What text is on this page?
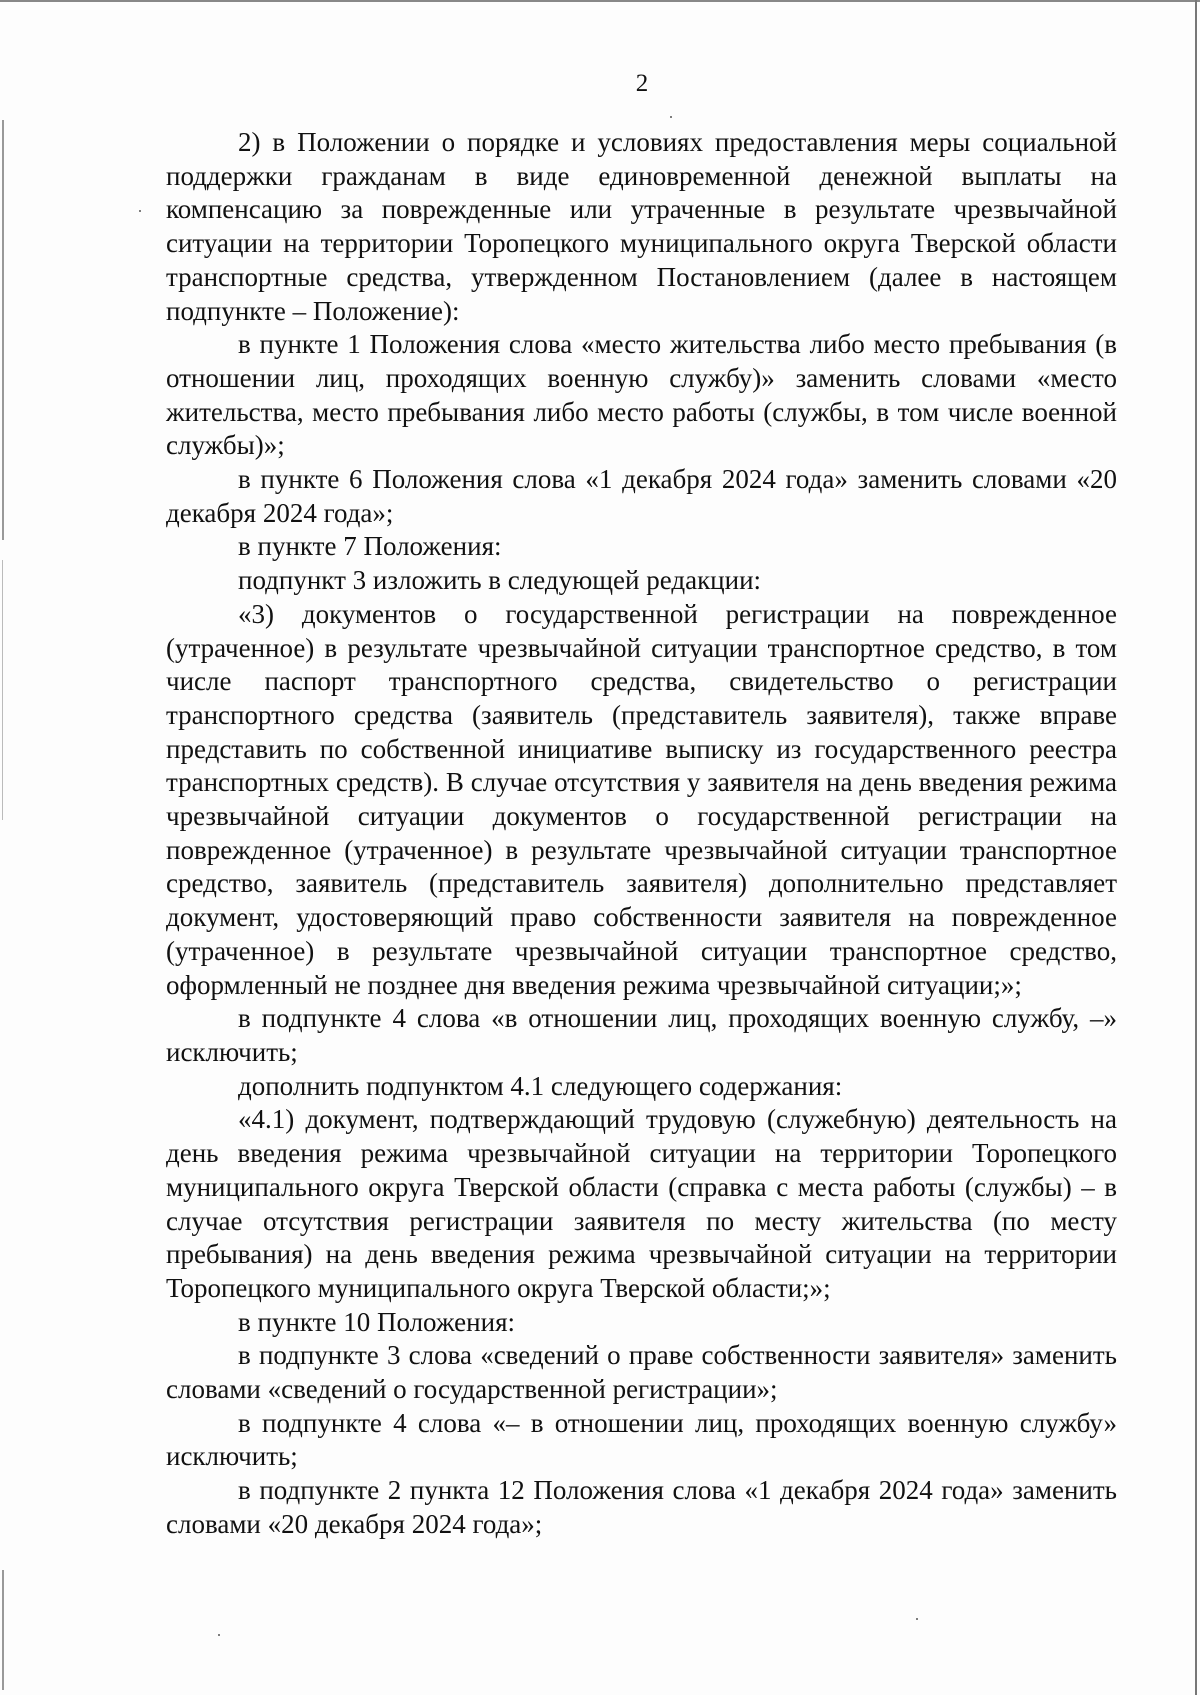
2

2) в Положении о порядке и условиях предоставления меры социальной поддержки гражданам в виде единовременной денежной выплаты на компенсацию за поврежденные или утраченные в результате чрезвычайной ситуации на территории Торопецкого муниципального округа Тверской области транспортные средства, утвержденном Постановлением (далее в настоящем подпункте – Положение):

в пункте 1 Положения слова «место жительства либо место пребывания (в отношении лиц, проходящих военную службу)» заменить словами «место жительства, место пребывания либо место работы (службы, в том числе военной службы)»;

в пункте 6 Положения слова «1 декабря 2024 года» заменить словами «20 декабря 2024 года»;

в пункте 7 Положения:

подпункт 3 изложить в следующей редакции:

«3) документов о государственной регистрации на поврежденное (утраченное) в результате чрезвычайной ситуации транспортное средство, в том числе паспорт транспортного средства, свидетельство о регистрации транспортного средства (заявитель (представитель заявителя), также вправе представить по собственной инициативе выписку из государственного реестра транспортных средств). В случае отсутствия у заявителя на день введения режима чрезвычайной ситуации документов о государственной регистрации на поврежденное (утраченное) в результате чрезвычайной ситуации транспортное средство, заявитель (представитель заявителя) дополнительно представляет документ, удостоверяющий право собственности заявителя на поврежденное (утраченное) в результате чрезвычайной ситуации транспортное средство, оформленный не позднее дня введения режима чрезвычайной ситуации;»;

в подпункте 4 слова «в отношении лиц, проходящих военную службу, –» исключить;

дополнить подпунктом 4.1 следующего содержания:

«4.1) документ, подтверждающий трудовую (служебную) деятельность на день введения режима чрезвычайной ситуации на территории Торопецкого муниципального округа Тверской области (справка с места работы (службы) – в случае отсутствия регистрации заявителя по месту жительства (по месту пребывания) на день введения режима чрезвычайной ситуации на территории Торопецкого муниципального округа Тверской области;»;

в пункте 10 Положения:

в подпункте 3 слова «сведений о праве собственности заявителя» заменить словами «сведений о государственной регистрации»;

в подпункте 4 слова «– в отношении лиц, проходящих военную службу» исключить;

в подпункте 2 пункта 12 Положения слова «1 декабря 2024 года» заменить словами «20 декабря 2024 года»;
